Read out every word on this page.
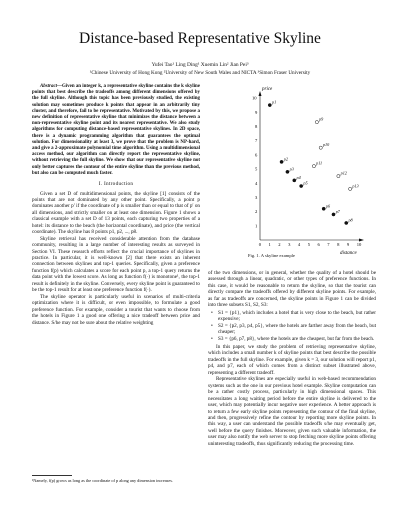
Distance-based Representative Skyline
Yufei Tao¹ Ling Ding¹ Xuemin Lin² Jian Pei³
¹Chinese University of Hong Kong ²University of New South Wales and NICTA ³Simon Fraser University

Abstract—Given an integer k, a representative skyline contains the k skyline points that best describe the tradeoffs among different dimensions offered by the full skyline. Although this topic has been previously studied, the existing solution may sometimes produce k points that appear in an arbitrarily tiny cluster, and therefore, fail to be representative. Motivated by this, we propose a new definition of representative skyline that minimizes the distance between a non-representative skyline point and its nearest representative. We also study algorithms for computing distance-based representative skylines. In 2D space, there is a dynamic programming algorithm that guarantees the optimal solution. For dimensionality at least 3, we prove that the problem is NP-hard, and give a 2-approximate polynomial time algorithm. Using a multidimensional access method, our algorithm can directly report the representative skyline, without retrieving the full skyline. We show that our representative skyline not only better captures the contour of the entire skyline than the previous method, but also can be computed much faster.

I. Introduction

Given a set D of multidimensional points, the skyline [1] consists of the points that are not dominated by any other point. Specifically, a point p dominates another p′ if the coordinate of p is smaller than or equal to that of p′ on all dimensions, and strictly smaller on at least one dimension. Figure 1 shows a classical example with a set D of 13 points, each capturing two properties of a hotel: its distance to the beach (the horizontal coordinate), and price (the vertical coordinate). The skyline has 8 points p1, p2, ..., p8.

Skyline retrieval has received considerable attention from the database community, resulting in a large number of interesting results as surveyed in Section VI. These research efforts reflect the crucial importance of skylines in practice. In particular, it is well-known [2] that there exists an inherent connection between skylines and top-1 queries. Specifically, given a preference function f(p) which calculates a score for each point p, a top-1 query returns the data point with the lowest score. As long as function f(·) is monotone¹, the top-1 result is definitely in the skyline. Conversely, every skyline point is guaranteed to be the top-1 result for at least one preference function f(·).

The skyline operator is particularly useful in scenarios of multi-criteria optimization where it is difficult, or even impossible, to formulate a good preference function. For example, consider a tourist that wants to choose from the hotels in Figure 1 a good one offering a nice tradeoff between price and distance. S/he may not be sure about the relative weighting

¹Namely, f(p) grows as long as the coordinate of p along any dimension increases.
price
distance
0 1 2 3 4 5 6 7 8 9 10
1
2
3
4
5
6
7
8
9
10
p1
p2
p3
p4
p5
p6
p7
p8
p9
p10
p11
p12
p13
Fig. 1. A skyline example

of the two dimensions, or in general, whether the quality of a hotel should be assessed through a linear, quadratic, or other types of preference functions. In this case, it would be reasonable to return the skyline, so that the tourist can directly compare the tradeoffs offered by different skyline points. For example, as far as tradeoffs are concerned, the skyline points in Figure 1 can be divided into three subsets S1, S2, S3:

• S1 = {p1}, which includes a hotel that is very close to the beach, but rather expensive;
• S2 = {p2, p3, p4, p5}, where the hotels are farther away from the beach, but cheaper;
• S3 = {p6, p7, p8}, where the hotels are the cheapest, but far from the beach.

In this paper, we study the problem of retrieving representative skyline, which includes a small number k of skyline points that best describe the possible tradeoffs in the full skyline. For example, given k = 3, our solution will report p1, p4, and p7, each of which comes from a distinct subset illustrated above, representing a different tradeoff.

Representative skylines are especially useful in web-based recommendation systems such as the one in our previous hotel example. Skyline computation can be a rather costly process, particularly in high dimensional spaces. This necessitates a long waiting period before the entire skyline is delivered to the user, which may potentially incur negative user experience. A better approach is to return a few early skyline points representing the contour of the final skyline, and then, progressively refine the contour by reporting more skyline points. In this way, a user can understand the possible tradeoffs s/he may eventually get, well before the query finishes. Moreover, given such valuable information, the user may also notify the web server to stop fetching more skyline points offering uninteresting tradeoffs, thus significantly reducing the processing time.
